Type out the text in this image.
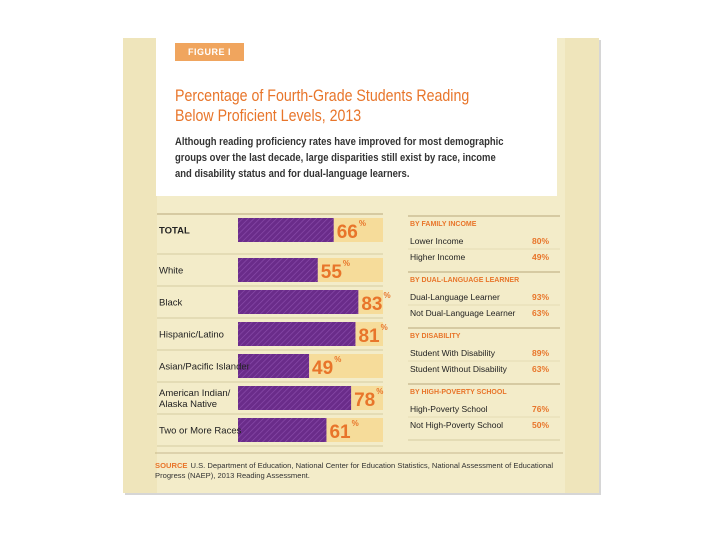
FIGURE I
Percentage of Fourth-Grade Students Reading
Below Proficient Levels, 2013
Although reading proficiency rates have improved for most demographic
groups over the last decade, large disparities still exist by race, income
and disability status and for dual-language learners.
TOTAL	66 %
White	55 %
Black	83 %
Hispanic/Latino	81 %
Asian/Pacific Islander	49 %
American Indian/
Alaska Native	78 %
Two or More Races	61 %
BY FAMILY INCOME
Lower Income	80%
Higher Income	49%
BY DUAL-LANGUAGE LEARNER
Dual-Language Learner	93%
Not Dual-Language Learner 63%
BY DISABILITY
Student With Disability	89%
Student Without Disability	63%
BY HIGH-POVERTY SCHOOL
High-Poverty School	76%
Not High-Poverty School	50%
SOURCE U.S. Department of Education, National Center for Education Statistics, National Assessment of Educational Progress (NAEP), 2013 Reading Assessment.
